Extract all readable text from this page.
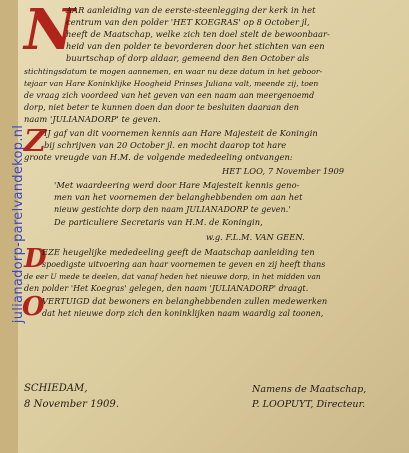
julianadorp-parelvandekop.nl
N
AAR aanleiding van de eerste-steenlegging der kerk in het
centrum van den polder 'HET KOEGRAS' op 8 October jl,
heeft de Maatschap, welke zich ten doel stelt de bewoonbaar-
heid van den polder te bevorderen door het stichten van een
buurtschap of dorp aldaar, gemeend den 8en October als
stichtingsdatum te mogen aannemen, en waar nu deze datum in het geboor-
tejaar van Hare Koninklijke Hoogheid Prinses Juliana valt, meende zij, toen
de vraag zich voordeed van het geven van een naam aan meergenoemd
dorp, niet beter te kunnen doen dan door te besluiten daaraan den
naam 'JULIANADORP' te geven.
Z
IJ gaf van dit voornemen kennis aan Hare Majesteit de Koningin
bij schrijven van 20 October jl. en mocht daarop tot hare
groote vreugde van H.M. de volgende mededeeling ontvangen:
HET LOO, 7 November 1909
'Met waardeering werd door Hare Majesteit kennis geno-
men van het voornemen der belanghebbenden om aan het
nieuw gestichte dorp den naam JULIANADORP te geven.'
De particuliere Secretaris van H.M. de Koningin,
w.g. F.L.M. VAN GEEN.
D
EZE heugelijke mededeeling geeft de Maatschap aanleiding ten
spoedigste uitvoering aan haar voornemen te geven en zij heeft thans
de eer U mede te deelen, dat vanaf heden het nieuwe dorp, in het midden van
den polder 'Het Koegras' gelegen, den naam 'JULIANADORP' draagt.
O
VERTUIGD dat bewoners en belanghebbenden zullen medewerken
dat het nieuwe dorp zich den koninklijken naam waardig zal toonen,
SCHIEDAM,
8 November 1909.
Namens de Maatschap,
P. LOOPUYT, Directeur.
